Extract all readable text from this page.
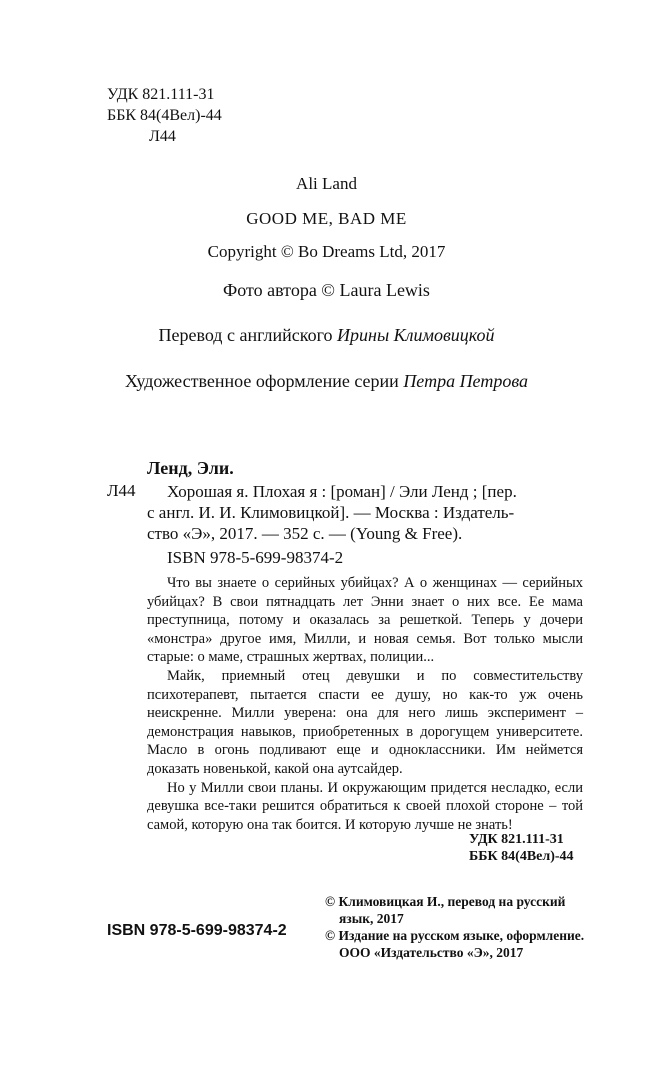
УДК 821.111-31
ББК 84(4Вел)-44
Л44
Ali Land
GOOD ME, BAD ME
Copyright © Bo Dreams Ltd, 2017
Фото автора © Laura Lewis
Перевод с английского Ирины Климовицкой
Художественное оформление серии Петра Петрова
Ленд, Эли.
Л44	Хорошая я. Плохая я : [роман] / Эли Ленд ; [пер.
с англ. И. И. Климовицкой]. — Москва : Издатель-
ство «Э», 2017. — 352 с. — (Young & Free).
ISBN 978-5-699-98374-2

Что вы знаете о серийных убийцах? А о женщинах — серийных убийцах? В свои пятнадцать лет Энни знает о них все. Ее мама преступница, потому и оказалась за решеткой. Теперь у дочери «монстра» другое имя, Милли, и новая семья. Вот только мысли старые: о маме, страшных жертвах, полиции...

Майк, приемный отец девушки и по совместительству психотерапевт, пытается спасти ее душу, но как-то уж очень неискренне. Милли уверена: она для него лишь эксперимент – демонстрация навыков, приобретенных в дорогущем университете. Масло в огонь подливают еще и одноклассники. Им неймется доказать новенькой, какой она аутсайдер.

Но у Милли свои планы. И окружающим придется несладко, если девушка все-таки решится обратиться к своей плохой стороне – той самой, которую она так боится. И которую лучше не знать!

УДК 821.111-31
ББК 84(4Вел)-44
ISBN 978-5-699-98374-2
© Климовицкая И., перевод на русский
язык, 2017
© Издание на русском языке, оформление.
ООО «Издательство «Э», 2017
